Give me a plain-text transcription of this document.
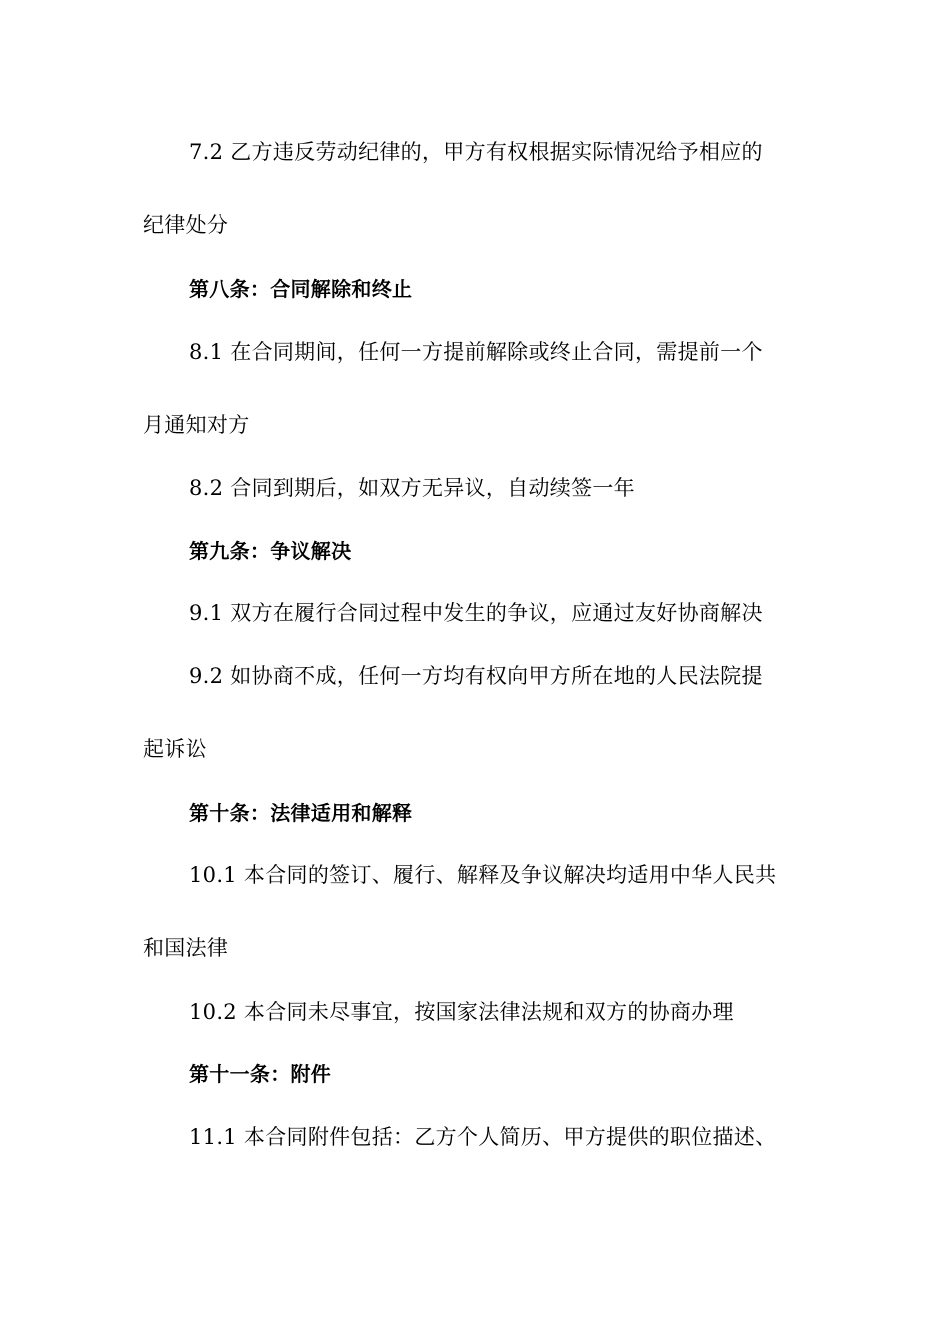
7.2 乙方违反劳动纪律的，甲方有权根据实际情况给予相应的
纪律处分
第八条：合同解除和终止
8.1 在合同期间，任何一方提前解除或终止合同，需提前一个
月通知对方
8.2 合同到期后，如双方无异议，自动续签一年
第九条：争议解决
9.1 双方在履行合同过程中发生的争议，应通过友好协商解决
9.2 如协商不成，任何一方均有权向甲方所在地的人民法院提
起诉讼
第十条：法律适用和解释
10.1 本合同的签订、履行、解释及争议解决均适用中华人民共
和国法律
10.2 本合同未尽事宜，按国家法律法规和双方的协商办理
第十一条：附件
11.1 本合同附件包括：乙方个人简历、甲方提供的职位描述、
